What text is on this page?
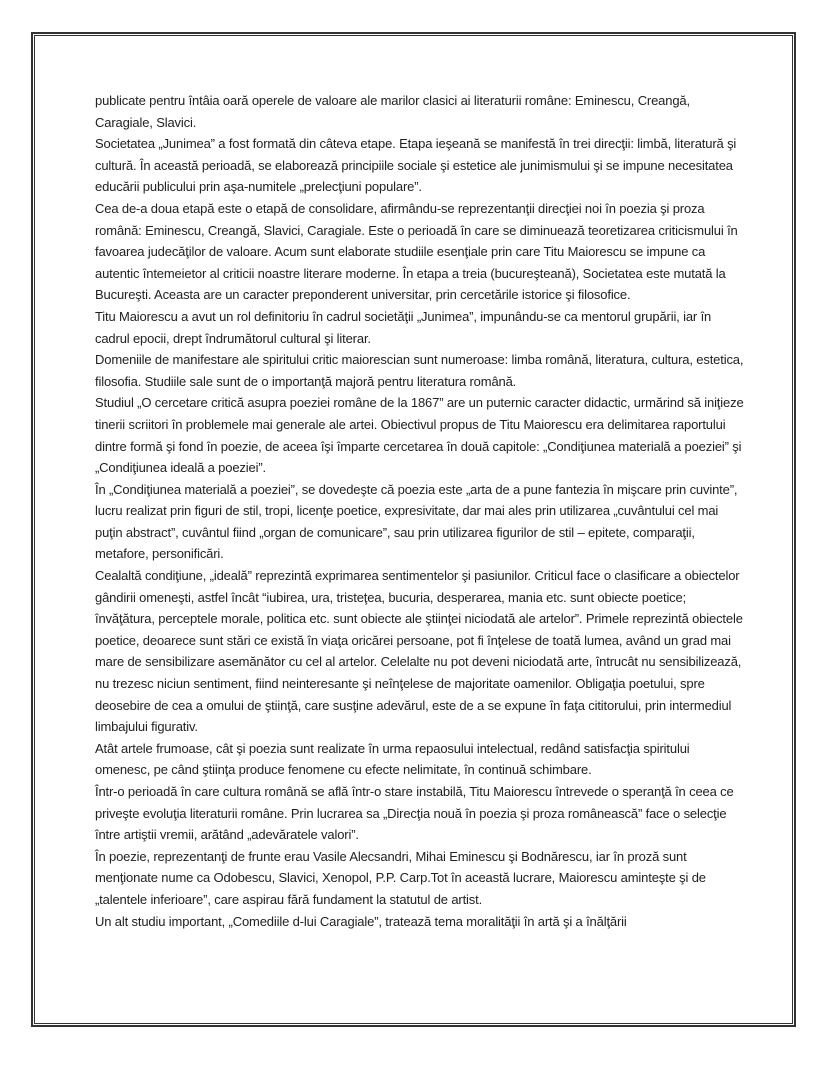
publicate pentru întâia oară operele de valoare ale marilor clasici ai literaturii române: Eminescu, Creangă, Caragiale, Slavici.

Societatea „Junimea” a fost formată din câteva etape. Etapa ieşeană se manifestă în trei direcţii: limbă, literatură şi cultură. În această perioadă, se elaborează principiile sociale şi estetice ale junimismului şi se impune necesitatea educării publicului prin aşa-numitele „prelecţiuni populare”.

Cea de-a doua etapă este o etapă de consolidare, afirmându-se reprezentanţii direcţiei noi în poezia şi proza română: Eminescu, Creangă, Slavici, Caragiale. Este o perioadă în care se diminuează teoretizarea criticismului în favoarea judecăţilor de valoare. Acum sunt elaborate studiile esenţiale prin care Titu Maiorescu se impune ca autentic întemeietor al criticii noastre literare moderne. În etapa a treia (bucureşteană), Societatea este mutată la Bucureşti. Aceasta are un caracter preponderent universitar, prin cercetările istorice şi filosofice.

Titu Maiorescu a avut un rol definitoriu în cadrul societăţii „Junimea”, impunându-se ca mentorul grupării, iar în cadrul epocii, drept îndrumătorul cultural şi literar.

Domeniile de manifestare ale spiritului critic maiorescian sunt numeroase: limba română, literatura, cultura, estetica, filosofia. Studiile sale sunt de o importanţă majoră pentru literatura română.

Studiul „O cercetare critică asupra poeziei române de la 1867” are un puternic caracter didactic, urmărind să iniţieze tinerii scriitori în problemele mai generale ale artei. Obiectivul propus de Titu Maiorescu era delimitarea raportului dintre formă şi fond în poezie, de aceea îşi împarte cercetarea în două capitole: „Condiţiunea materială a poeziei” şi „Condiţiunea ideală a poeziei”.

În „Condiţiunea materială a poeziei”, se dovedeşte că poezia este „arta de a pune fantezia în mişcare prin cuvinte”, lucru realizat prin figuri de stil, tropi, licenţe poetice, expresivitate, dar mai ales prin utilizarea „cuvântului cel mai puţin abstract”, cuvântul fiind „organ de comunicare”, sau prin utilizarea figurilor de stil – epitete, comparaţii, metafore, personificări.

Cealaltă condiţiune, „ideală” reprezintă exprimarea sentimentelor şi pasiunilor. Criticul face o clasificare a obiectelor gândirii omeneşti, astfel încât “iubirea, ura, tristeţea, bucuria, desperarea, mania etc. sunt obiecte poetice; învăţătura, perceptele morale, politica etc. sunt obiecte ale ştiinţei niciodată ale artelor”. Primele reprezintă obiectele poetice, deoarece sunt stări ce există în viaţa oricărei persoane, pot fi înţelese de toată lumea, având un grad mai mare de sensibilizare asemănător cu cel al artelor. Celelalte nu pot deveni niciodată arte, întrucât nu sensibilizează, nu trezesc niciun sentiment, fiind neinteresante şi neînţelese de majoritate oamenilor. Obligaţia poetului, spre deosebire de cea a omului de ştiinţă, care susţine adevărul, este de a se expune în faţa cititorului, prin intermediul limbajului figurativ.

Atât artele frumoase, cât şi poezia sunt realizate în urma repaosului intelectual, redând satisfacţia spiritului omenesc, pe când ştiinţa produce fenomene cu efecte nelimitate, în continuă schimbare.

Într-o perioadă în care cultura română se află într-o stare instabilă, Titu Maiorescu întrevede o speranţă în ceea ce priveşte evoluţia literaturii române. Prin lucrarea sa „Direcţia nouă în poezia şi proza românească” face o selecţie între artiştii vremii, arătând „adevăratele valori”.

În poezie, reprezentanţi de frunte erau Vasile Alecsandri, Mihai Eminescu şi Bodnărescu, iar în proză sunt menţionate nume ca Odobescu, Slavici, Xenopol, P.P. Carp.Tot în această lucrare, Maiorescu aminteşte şi de „talentele inferioare”, care aspirau fără fundament la statutul de artist.

Un alt studiu important, „Comediile d-lui Caragiale”, tratează tema moralităţii în artă şi a înălţării
